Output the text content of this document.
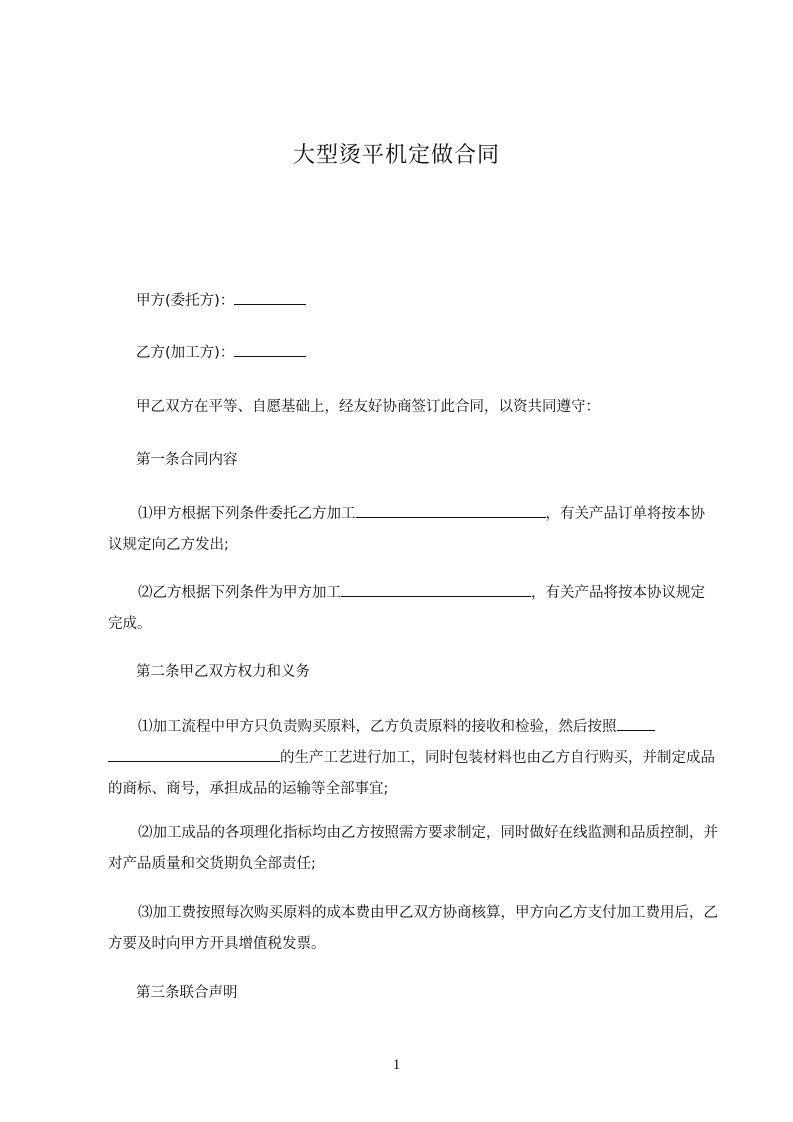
大型烫平机定做合同

甲方(委托方)：

乙方(加工方)：

甲乙双方在平等、自愿基础上，经友好协商签订此合同，以资共同遵守：

第一条合同内容

⑴甲方根据下列条件委托乙方加工	，有关产品订单将按本协议规定向乙方发出;

⑵乙方根据下列条件为甲方加工	，有关产品将按本协议规定完成。

第二条甲乙双方权力和义务

⑴加工流程中甲方只负责购买原料，乙方负责原料的接收和检验，然后按照的生产工艺进行加工，同时包装材料也由乙方自行购买，并制定成品的商标、商号，承担成品的运输等全部事宜;

⑵加工成品的各项理化指标均由乙方按照需方要求制定，同时做好在线监测和品质控制，并对产品质量和交货期负全部责任;

⑶加工费按照每次购买原料的成本费由甲乙双方协商核算，甲方向乙方支付加工费用后，乙方要及时向甲方开具增值税发票。

第三条联合声明

1
